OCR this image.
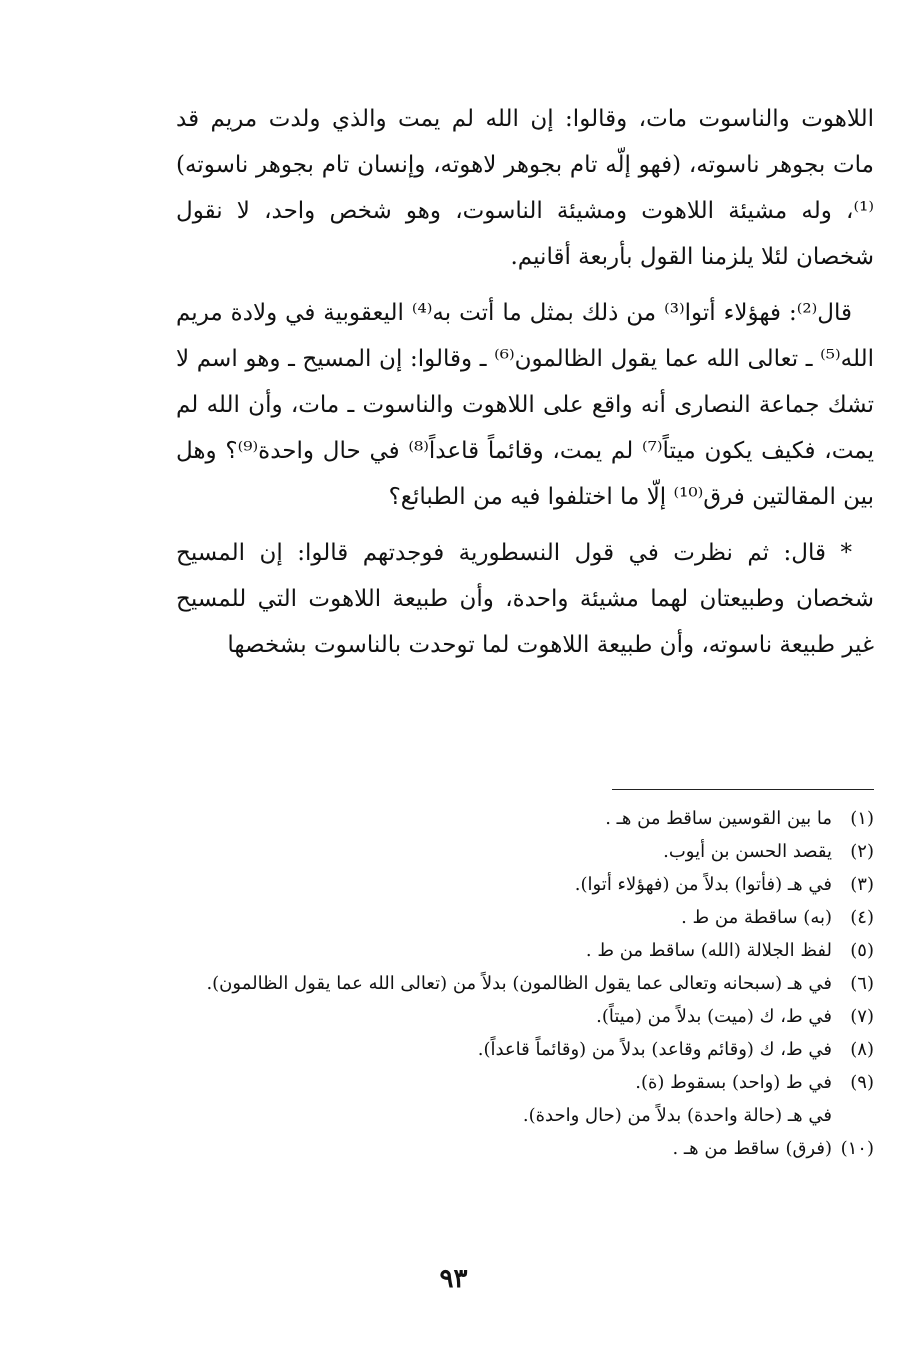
اللاهوت والناسوت مات، وقالوا: إن الله لم يمت والذي ولدت مريم قد مات بجوهر ناسوته، (فهو إلّه تام بجوهر لاهوته، وإنسان تام بجوهر ناسوته)⁽¹⁾، وله مشيئة اللاهوت ومشيئة الناسوت، وهو شخص واحد، لا نقول شخصان لئلا يلزمنا القول بأربعة أقانيم.

قال⁽²⁾: فهؤلاء أتوا⁽³⁾ من ذلك بمثل ما أتت به⁽⁴⁾ اليعقوبية في ولادة مريم الله⁽⁵⁾ ـ تعالى الله عما يقول الظالمون⁽⁶⁾ ـ وقالوا: إن المسيح ـ وهو اسم لا تشك جماعة النصارى أنه واقع على اللاهوت والناسوت ـ مات، وأن الله لم يمت، فكيف يكون ميتاً⁽⁷⁾ لم يمت، وقائماً قاعداً⁽⁸⁾ في حال واحدة⁽⁹⁾؟ وهل بين المقالتين فرق⁽¹⁰⁾ إلّا ما اختلفوا فيه من الطبائع؟

* قال: ثم نظرت في قول النسطورية فوجدتهم قالوا: إن المسيح شخصان وطبيعتان لهما مشيئة واحدة، وأن طبيعة اللاهوت التي للمسيح غير طبيعة ناسوته، وأن طبيعة اللاهوت لما توحدت بالناسوت بشخصها

(١)
ما بين القوسين ساقط من هـ .
(٢)
يقصد الحسن بن أيوب.
(٣)
في هـ (فأتوا) بدلاً من (فهؤلاء أتوا).
(٤)
(به) ساقطة من ط .
(٥)
لفظ الجلالة (الله) ساقط من ط .
(٦)
في هـ (سبحانه وتعالى عما يقول الظالمون) بدلاً من (تعالى الله عما يقول الظالمون).
(٧)
في ط، ك (ميت) بدلاً من (ميتاً).
(٨)
في ط، ك (وقائم وقاعد) بدلاً من (وقائماً قاعداً).
(٩)
في ط (واحد) بسقوط (ة).
في هـ (حالة واحدة) بدلاً من (حال واحدة).
(١٠)
(فرق) ساقط من هـ .
٩٣
